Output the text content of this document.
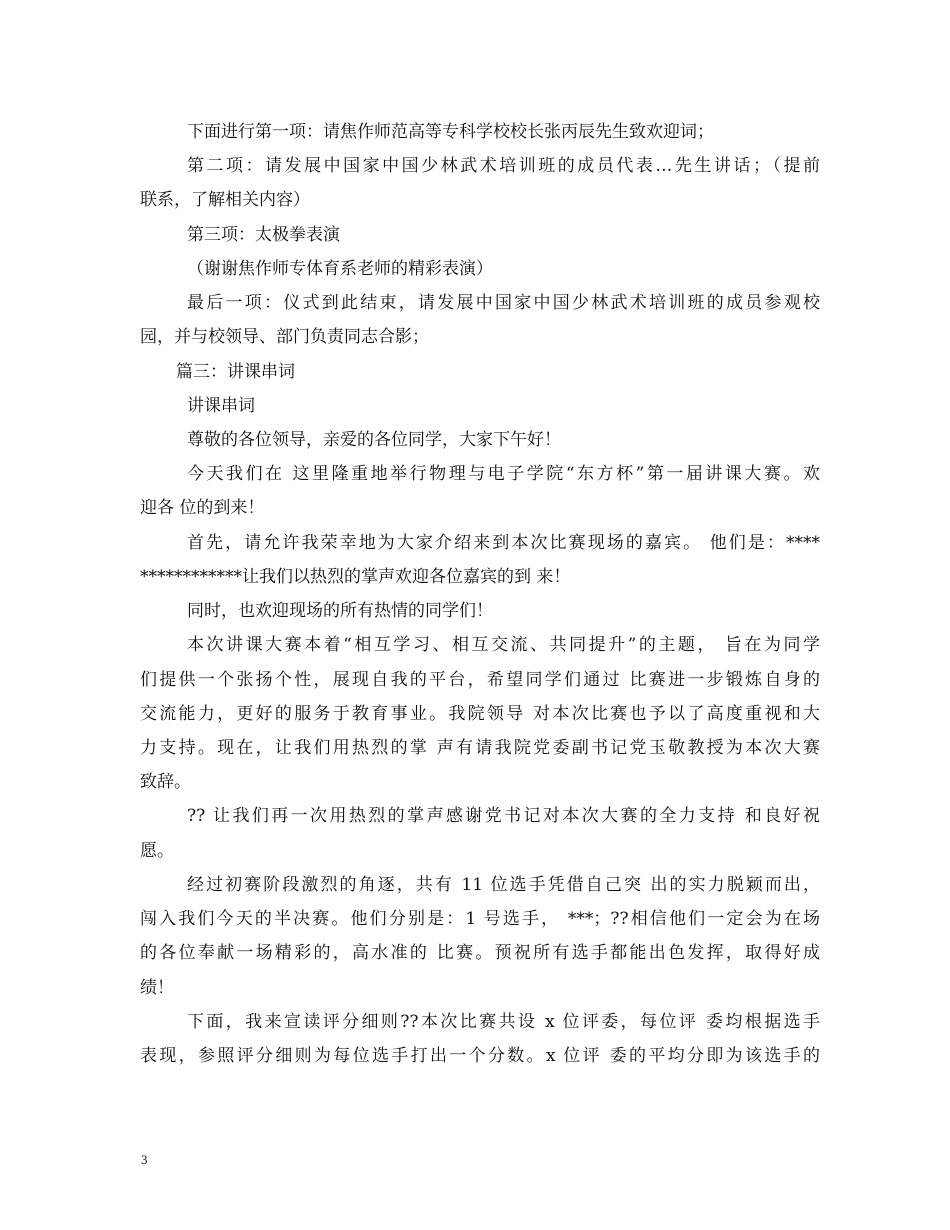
下面进行第一项：请焦作师范高等专科学校校长张丙辰先生致欢迎词；
第二项：请发展中国家中国少林武术培训班的成员代表…先生讲话；（提前
联系，了解相关内容）
第三项：太极拳表演
（谢谢焦作师专体育系老师的精彩表演）
最后一项：仪式到此结束，请发展中国家中国少林武术培训班的成员参观校
园，并与校领导、部门负责同志合影；
篇三：讲课串词
讲课串词
尊敬的各位领导，亲爱的各位同学，大家下午好！
今天我们在 这里隆重地举行物理与电子学院“东方杯”第一届讲课大赛。欢
迎各 位的到来！
首先，请允许我荣幸地为大家介绍来到本次比赛现场的嘉宾。 他们是：****
************让我们以热烈的掌声欢迎各位嘉宾的到 来！
同时，也欢迎现场的所有热情的同学们！
本次讲课大赛本着“相互学习、相互交流、共同提升”的主题， 旨在为同学
们提供一个张扬个性，展现自我的平台，希望同学们通过 比赛进一步锻炼自身的
交流能力，更好的服务于教育事业。我院领导 对本次比赛也予以了高度重视和大
力支持。现在，让我们用热烈的掌 声有请我院党委副书记党玉敬教授为本次大赛
致辞。
?? 让我们再一次用热烈的掌声感谢党书记对本次大赛的全力支持 和良好祝
愿。
经过初赛阶段激烈的角逐，共有 11 位选手凭借自己突 出的实力脱颖而出，
闯入我们今天的半决赛。他们分别是：1 号选手， ***；??相信他们一定会为在场
的各位奉献一场精彩的，高水准的 比赛。预祝所有选手都能出色发挥，取得好成
绩！
下面，我来宣读评分细则??本次比赛共设 x 位评委，每位评 委均根据选手
表现，参照评分细则为每位选手打出一个分数。x 位评 委的平均分即为该选手的
3
